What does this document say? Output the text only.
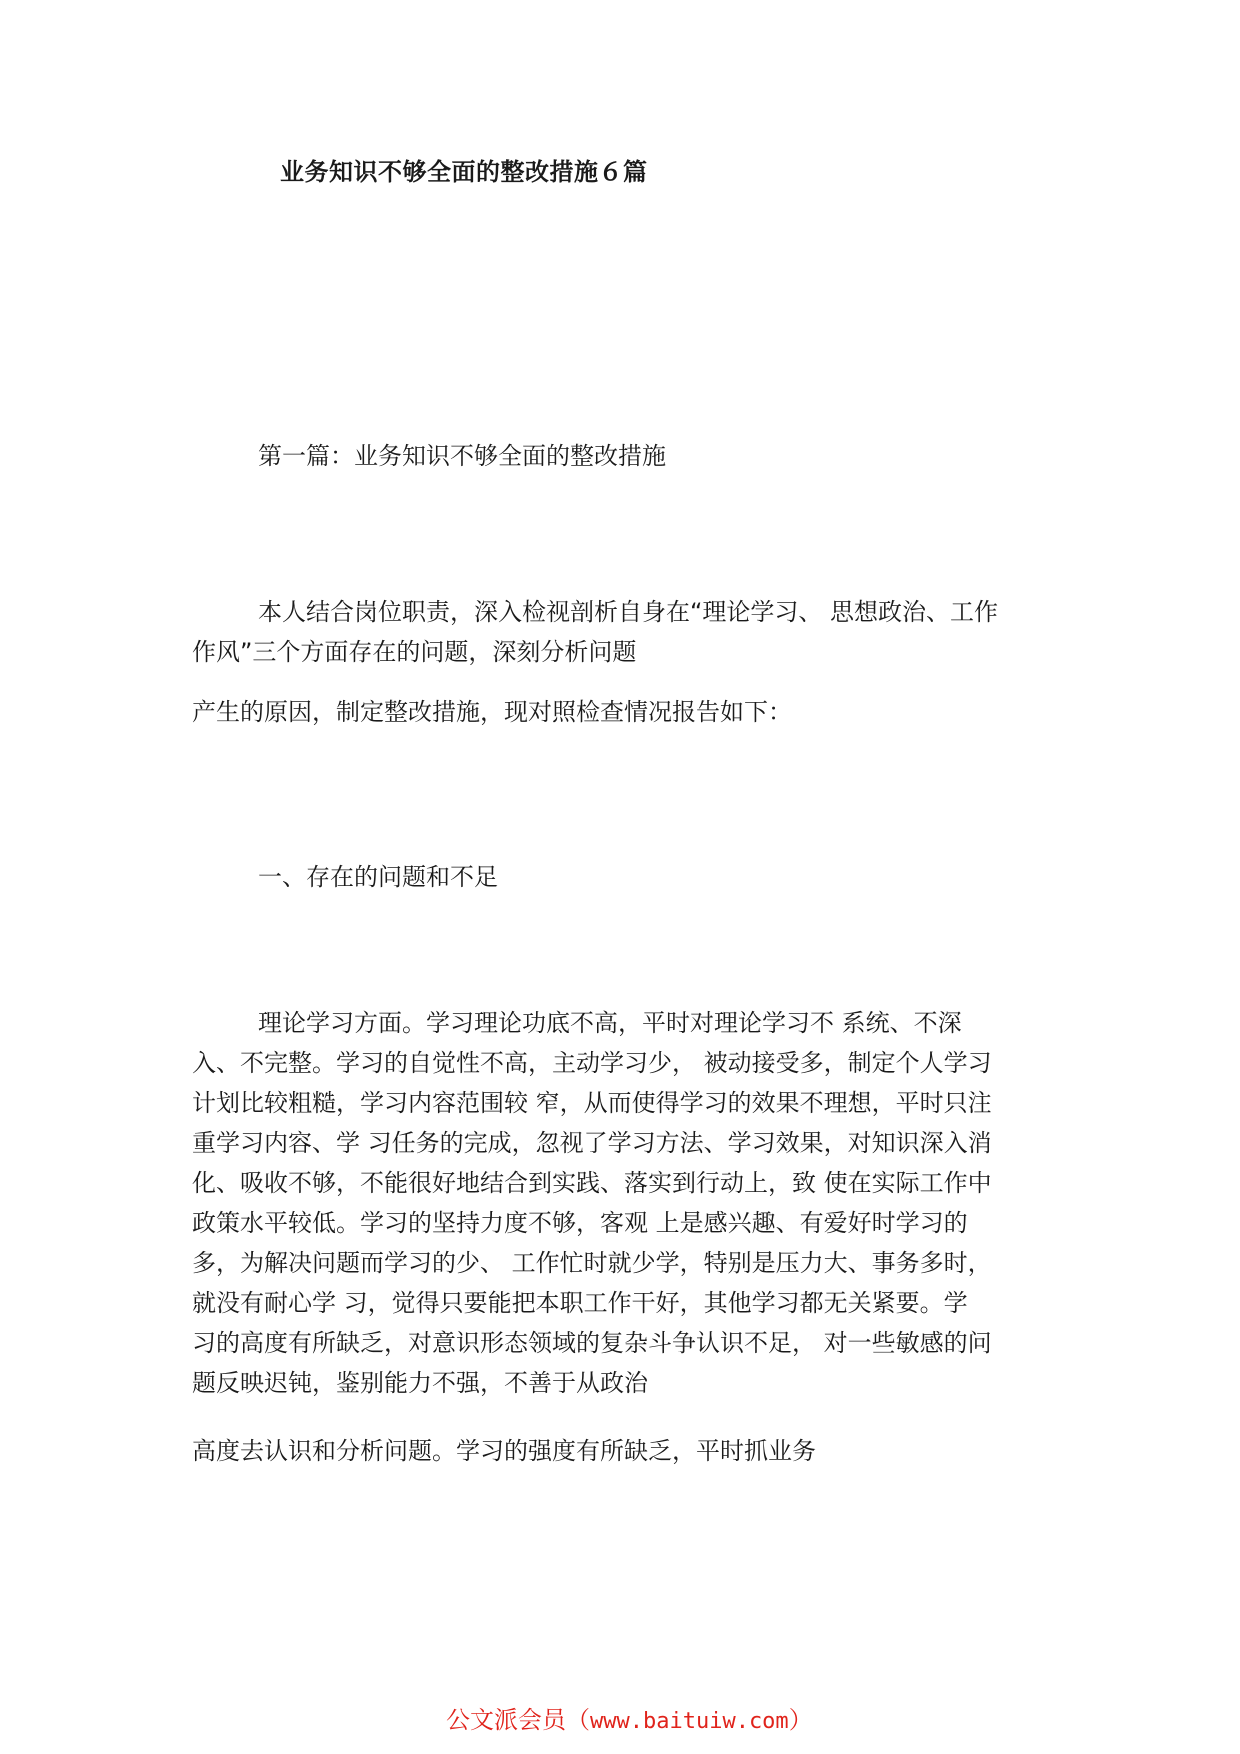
业务知识不够全面的整改措施６篇
第一篇：业务知识不够全面的整改措施
本人结合岗位职责，深入检视剖析自身在“理论学习、 思想政治、工作
作风”三个方面存在的问题，深刻分析问题
产生的原因，制定整改措施，现对照检查情况报告如下：
一、存在的问题和不足
理论学习方面。学习理论功底不高，平时对理论学习不 系统、不深
入、不完整。学习的自觉性不高，主动学习少， 被动接受多，制定个人学习
计划比较粗糙，学习内容范围较 窄，从而使得学习的效果不理想，平时只注
重学习内容、学 习任务的完成，忽视了学习方法、学习效果，对知识深入消
化、吸收不够，不能很好地结合到实践、落实到行动上，致 使在实际工作中
政策水平较低。学习的坚持力度不够，客观 上是感兴趣、有爱好时学习的
多，为解决问题而学习的少、 工作忙时就少学，特别是压力大、事务多时，
就没有耐心学 习，觉得只要能把本职工作干好，其他学习都无关紧要。学
习的高度有所缺乏，对意识形态领域的复杂斗争认识不足， 对一些敏感的问
题反映迟钝，鉴别能力不强，不善于从政治
高度去认识和分析问题。学习的强度有所缺乏，平时抓业务
公文派会员（www.baituiw.com）
